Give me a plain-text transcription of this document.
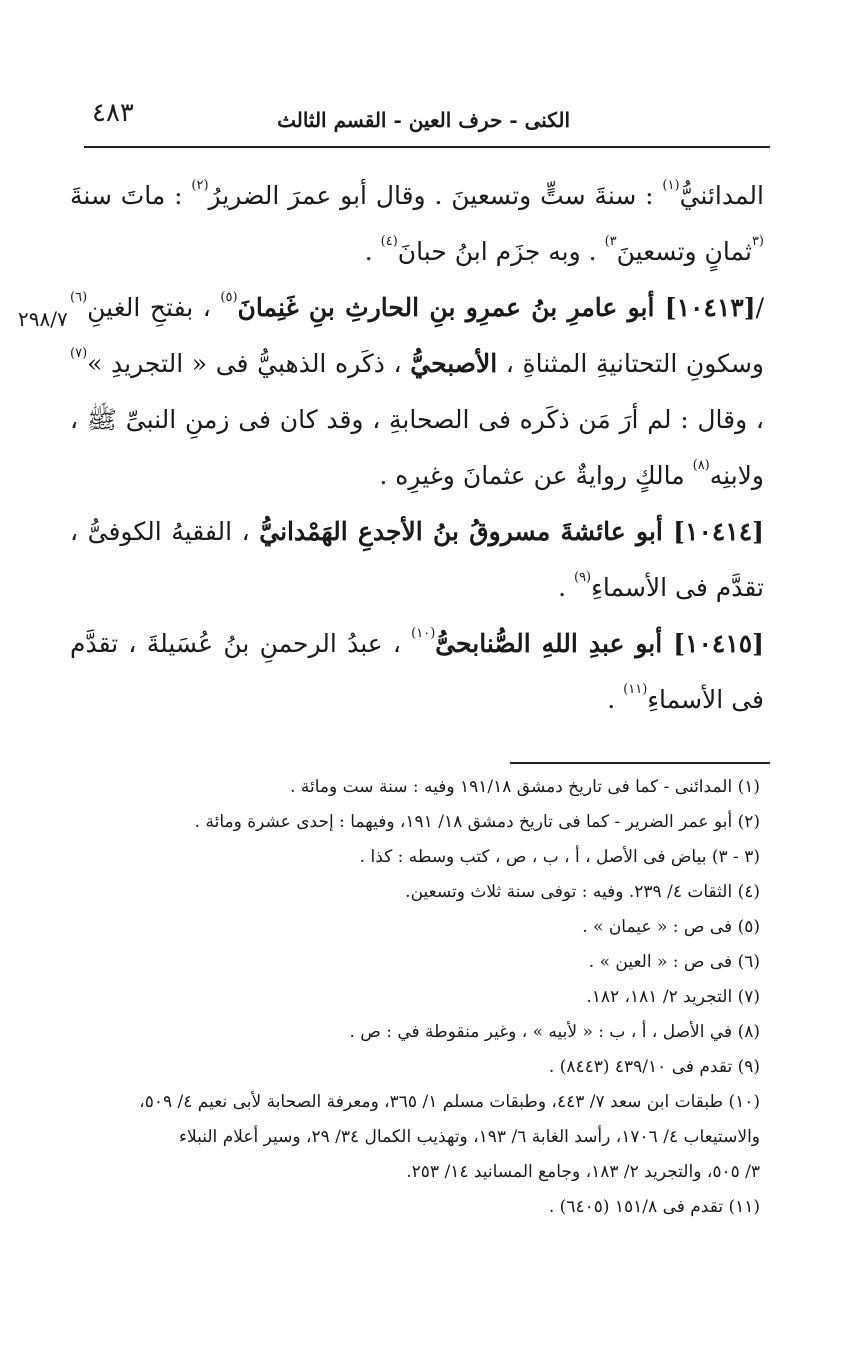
٤٨٣	الكنى - حرف العين - القسم الثالث
٢٩٨/٧

المدائنيُّ$^{(١)}$ : سنةَ ستٍّ وتسعينَ . وقال أبو عمرَ الضريرُ$^{(٢)}$ : ماتَ سنةَ $^{(٣}$ثمانٍ وتسعينَ$^{٣)}$ . وبه جزَم ابنُ حبانَ$^{(٤)}$ .

/[١٠٤١٣] أبو عامرِ بنُ عمرِو بنِ الحارثِ بنِ غَنِمانَ$^{(٥)}$ ، بفتحِ الغينِ$^{(٦)}$ وسكونِ التحتانيةِ المثناةِ ، الأصبحيُّ ، ذكَره الذهبيُّ فى « التجريدِ »$^{(٧)}$ ، وقال : لم أرَ مَن ذكَره فى الصحابةِ ، وقد كان فى زمنِ النبىِّ ﷺ ، ولابنِه$^{(٨)}$ مالكٍ روايةٌ عن عثمانَ وغيرِه .

[١٠٤١٤] أبو عائشةَ مسروقُ بنُ الأجدعِ الهَمْدانيُّ ، الفقيهُ الكوفىُّ ، تقدَّم فى الأسماءِ$^{(٩)}$ .

[١٠٤١٥] أبو عبدِ اللهِ الصُّنابحىُّ$^{(١٠)}$ ، عبدُ الرحمنِ بنُ عُسَيلةَ ، تقدَّم فى الأسماءِ$^{(١١)}$ .

(١) المدائنى - كما فى تاريخ دمشق ١٩١/١٨ وفيه : سنة ست ومائة .

(٢) أبو عمر الضرير - كما فى تاريخ دمشق ١٨/ ١٩١، وفيهما : إحدى عشرة ومائة .

(٣ - ٣) بياض فى الأصل ، أ ، ب ، ص ، كتب وسطه : كذا .

(٤) الثقات ٤/ ٢٣٩. وفيه : توفى سنة ثلاث وتسعين.

(٥) فى ص : « عيمان » .

(٦) فى ص : « العين » .

(٧) التجريد ٢/ ١٨١، ١٨٢.

(٨) في الأصل ، أ ، ب : « لأبيه » ، وغير منقوطة في : ص .

(٩) تقدم فى ٤٣٩/١٠ (٨٤٤٣) .

(١٠) طبقات ابن سعد ٧/ ٤٤٣، وطبقات مسلم ١/ ٣٦٥، ومعرفة الصحابة لأبى نعيم ٤/ ٥٠٩،

والاستيعاب ٤/ ١٧٠٦، رأسد الغابة ٦/ ١٩٣، وتهذيب الكمال ٣٤/ ٢٩، وسير أعلام النبلاء

٣/ ٥٠٥، والتجريد ٢/ ١٨٣، وجامع المسانيد ١٤/ ٢٥٣.

(١١) تقدم فى ١٥١/٨ (٦٤٠٥) .
